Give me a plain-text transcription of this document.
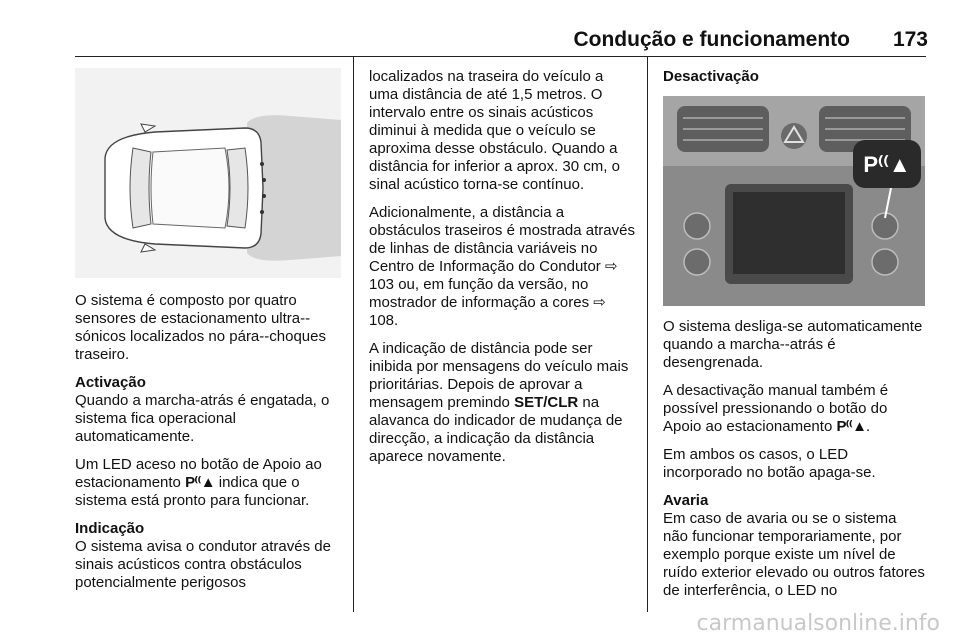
Condução e funcionamento 173

O sistema é composto por quatro sensores de estacionamento ultra--sónicos localizados no pára--choques traseiro.

Activação
Quando a marcha-atrás é engatada, o sistema fica operacional automaticamente.

Um LED aceso no botão de Apoio ao estacionamento P⁽⁽▲ indica que o sistema está pronto para funcionar.

Indicação
O sistema avisa o condutor através de sinais acústicos contra obstáculos potencialmente perigosos

localizados na traseira do veículo a uma distância de até 1,5 metros. O intervalo entre os sinais acústicos diminui à medida que o veículo se aproxima desse obstáculo. Quando a distância for inferior a aprox. 30 cm, o sinal acústico torna-se contínuo.

Adicionalmente, a distância a obstáculos traseiros é mostrada através de linhas de distância variáveis no Centro de Informação do Condutor ⇨ 103 ou, em função da versão, no mostrador de informação a cores ⇨ 108.

A indicação de distância pode ser inibida por mensagens do veículo mais prioritárias. Depois de aprovar a mensagem premindo SET/CLR na alavanca do indicador de mudança de direcção, a indicação da distância aparece novamente.

Desactivação
P⁽⁽▲

O sistema desliga-se automaticamente quando a marcha--atrás é desengrenada.

A desactivação manual também é possível pressionando o botão do Apoio ao estacionamento P⁽⁽▲.

Em ambos os casos, o LED incorporado no botão apaga-se.

Avaria
Em caso de avaria ou se o sistema não funcionar temporariamente, por exemplo porque existe um nível de ruído exterior elevado ou outros fatores de interferência, o LED no

carmanualsonline.info
